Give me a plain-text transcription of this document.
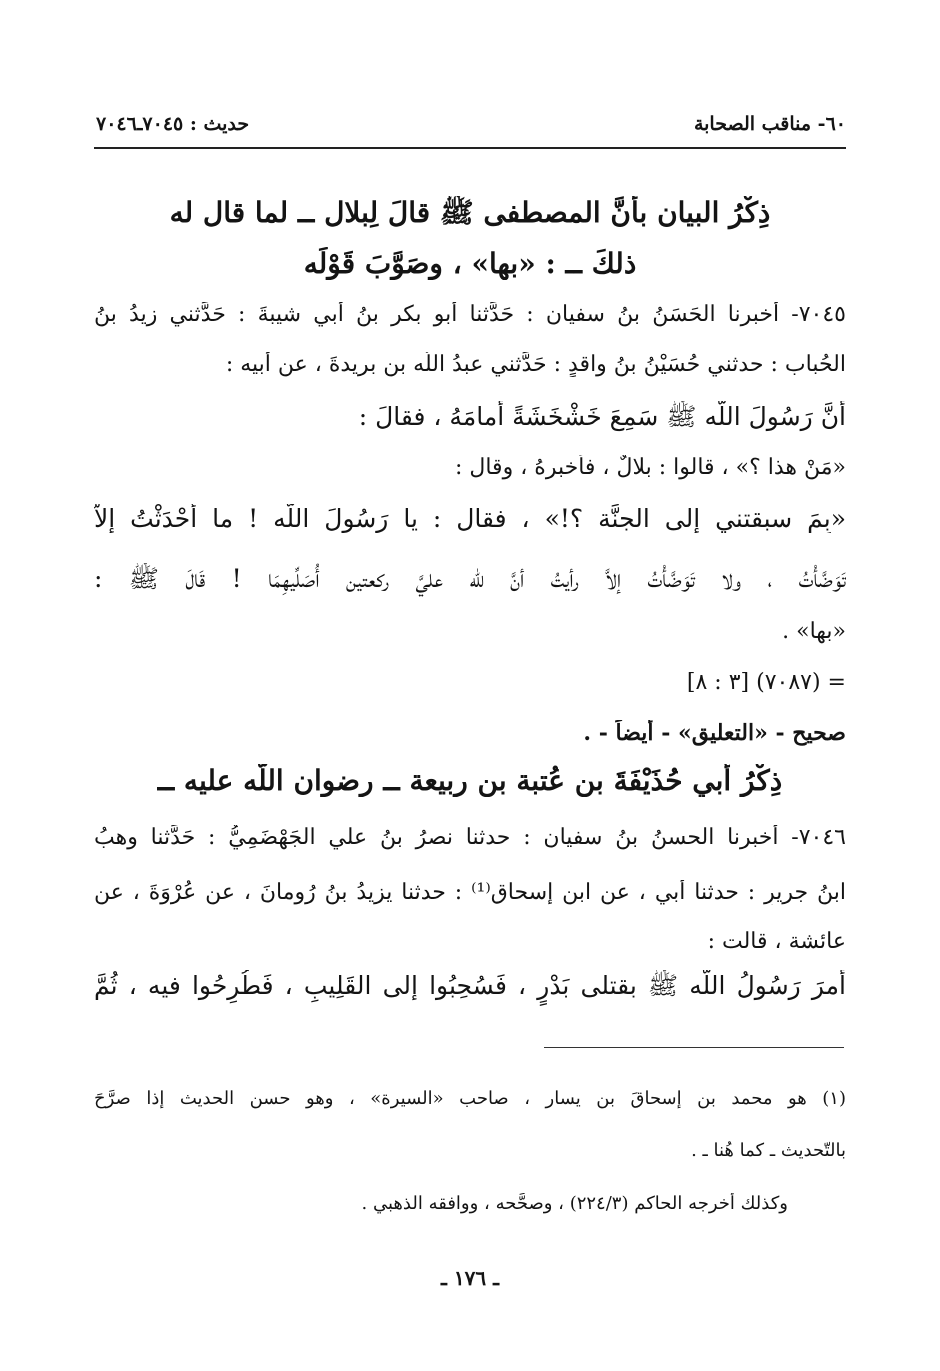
٦٠- مناقب الصحابة
حديث : ٧٠٤٥ـ٧٠٤٦
ذِكْرُ البيان بأنَّ المصطفى ﷺ قالَ لِبلال ــ لما قال له
ذلكَ ــ : «بها» ، وصَوَّبَ قَوْلَه
٧٠٤٥- أخبرنا الحَسَنُ بنُ سفيان : حَدَّثنا أبو بكر بنُ أبي شيبةَ : حَدَّثني زيدُ بنُ
الحُباب : حدثني حُسَيْنُ بنُ واقدٍ : حَدَّثني عبدُ اللّه بن بريدةَ ، عن أبيه :
أنَّ رَسُولَ اللّه ﷺ سَمِعَ خَشْخَشَةً أمامَهُ ، فقالَ :
«مَنْ هذا ؟» ، قالوا : بلالٌ ، فأخبرهُ ، وقال :
«بِمَ سبقتني إلى الجنَّة ؟!» ، فقال : يا رَسُولَ اللّه ! ما أَحْدَثْتُ إلاَّ
تَوَضَّأْتُ ، ولا تَوَضَّأْتُ إلاَّ رأيتُ أنَّ للّه عليَّ ركعتين أُصَلِّيهِمَا ! قَالَ ﷺ :
«بها» .
= (٧٠٨٧) [٣ : ٨]
صحيح - «التعليق» - أيضاً - .
ذِكْرُ أبي حُذَيْفَةَ بنِ عُتبة بنِ ربيعة ــ رضوان اللّه عليه ــ
٧٠٤٦- أخبرنا الحسنُ بنُ سفيان : حدثنا نصرُ بنُ علي الجَهْضَمِيُّ : حَدَّثنا وهبُ
ابنُ جريرٍ : حدثنا أبي ، عن ابنِ إسحاق⁽¹⁾ : حدثنا يزيدُ بنُ رُومانَ ، عن عُرْوَةَ ، عن
عائشة ، قالت :
أمرَ رَسُولُ اللّه ﷺ بقتلى بَدْرٍ ، فَسُحِبُوا إلى القَلِيبِ ، فَطُرِحُوا فيه ، ثُمَّ
(١) هو محمد بن إسحاقَ بن يسار ، صاحب «السيرة» ، وهو حسن الحديث إذا صرَّحَ
بالتّحديث ـ كما هُنا ـ .
وكذلك أخرجه الحاكم (٢٢٤/٣) ، وصحَّحه ، ووافقه الذهبي .
ـ ١٧٦ ـ
